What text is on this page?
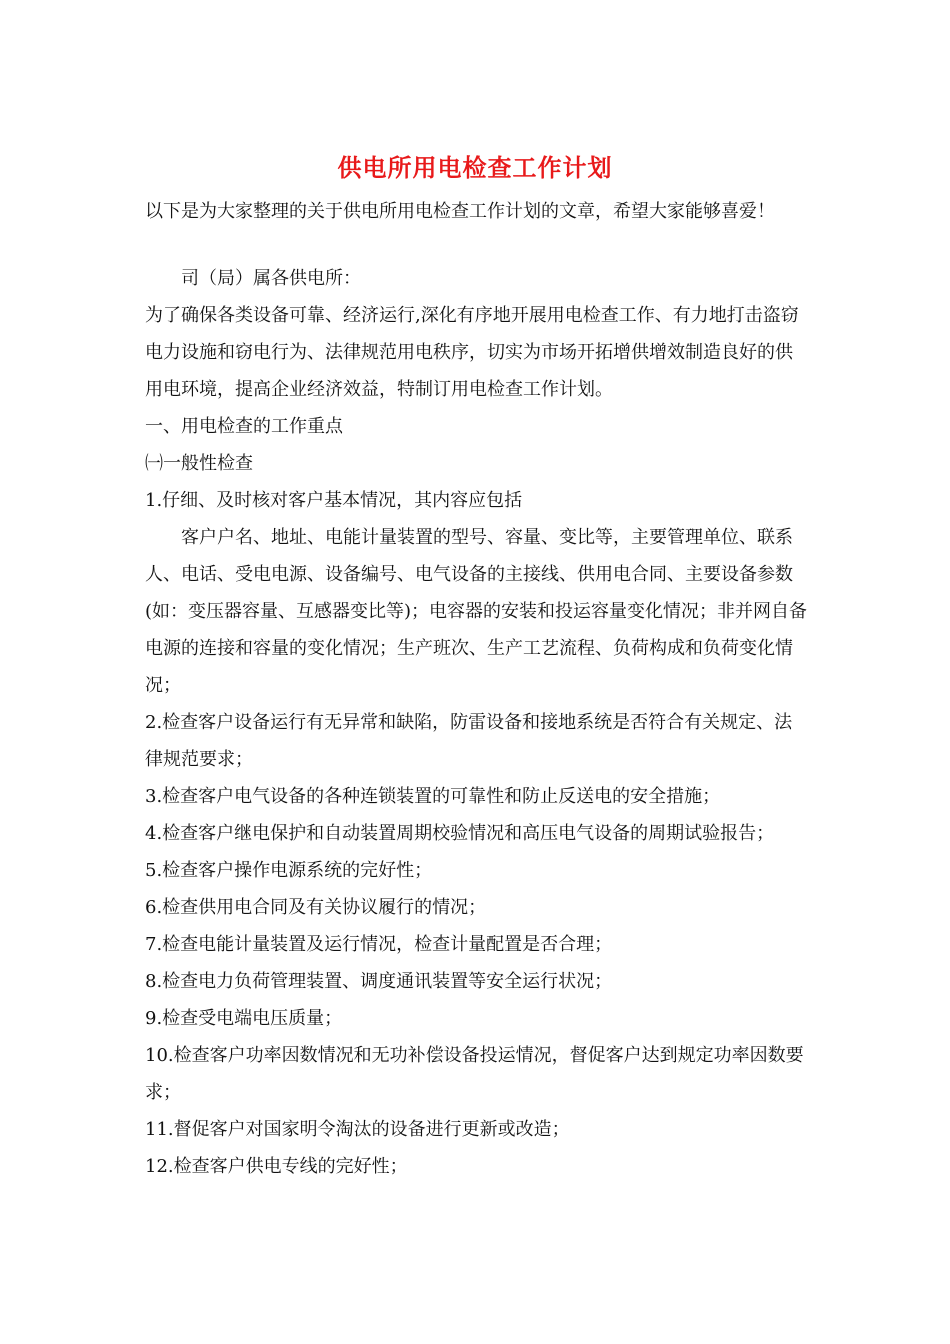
供电所用电检查工作计划
以下是为大家整理的关于供电所用电检查工作计划的文章，希望大家能够喜爱！

司（局）属各供电所：

为了确保各类设备可靠、经济运行,深化有序地开展用电检查工作、有力地打击盗窃电力设施和窃电行为、法律规范用电秩序，切实为市场开拓增供增效制造良好的供用电环境，提高企业经济效益，特制订用电检查工作计划。

一、用电检查的工作重点

㈠一般性检查

1.仔细、及时核对客户基本情况，其内容应包括

客户户名、地址、电能计量装置的型号、容量、变比等，主要管理单位、联系人、电话、受电电源、设备编号、电气设备的主接线、供用电合同、主要设备参数(如：变压器容量、互感器变比等)；电容器的安装和投运容量变化情况；非并网自备电源的连接和容量的变化情况；生产班次、生产工艺流程、负荷构成和负荷变化情况；

2.检查客户设备运行有无异常和缺陷，防雷设备和接地系统是否符合有关规定、法律规范要求；

3.检查客户电气设备的各种连锁装置的可靠性和防止反送电的安全措施；

4.检查客户继电保护和自动装置周期校验情况和高压电气设备的周期试验报告；

5.检查客户操作电源系统的完好性；

6.检查供用电合同及有关协议履行的情况；

7.检查电能计量装置及运行情况，检查计量配置是否合理；

8.检查电力负荷管理装置、调度通讯装置等安全运行状况；

9.检查受电端电压质量；

10.检查客户功率因数情况和无功补偿设备投运情况，督促客户达到规定功率因数要求；

11.督促客户对国家明令淘汰的设备进行更新或改造；

12.检查客户供电专线的完好性；
